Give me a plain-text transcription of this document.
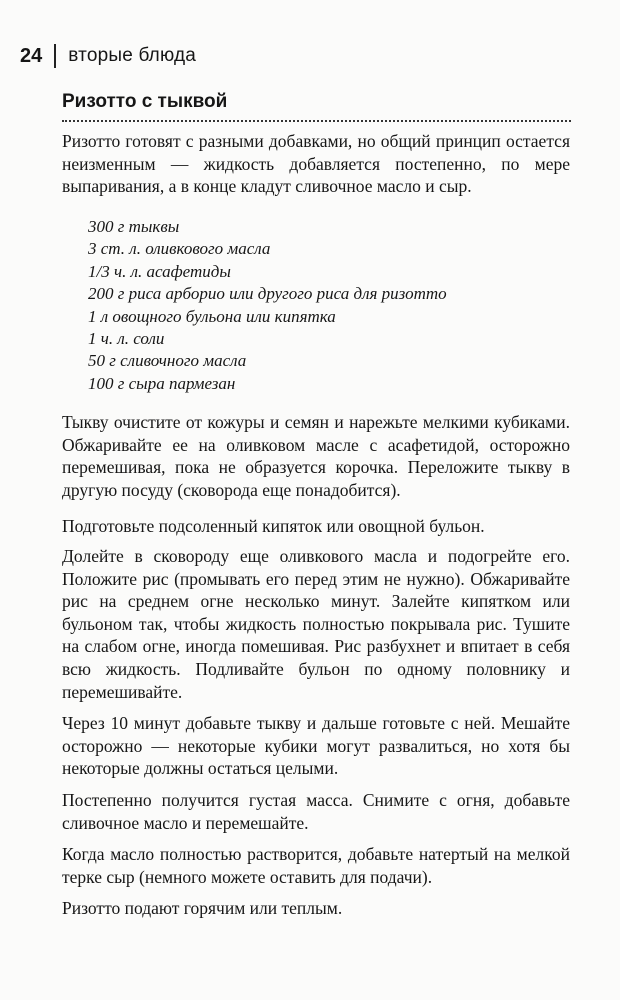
24 вторые блюда
Ризотто с тыквой

Ризотто готовят с разными добавками, но общий принцип остается неизменным — жидкость добавляется постепенно, по мере выпаривания, а в конце кладут сливочное масло и сыр.

300 г тыквы
3 ст. л. оливкового масла
1/3 ч. л. асафетиды
200 г риса арборио или другого риса для ризотто
1 л овощного бульона или кипятка
1 ч. л. соли
50 г сливочного масла
100 г сыра пармезан

Тыкву очистите от кожуры и семян и нарежьте мелкими кубиками. Обжаривайте ее на оливковом масле с асафетидой, осторожно перемешивая, пока не образуется корочка. Переложите тыкву в другую посуду (сковорода еще понадобится).

Подготовьте подсоленный кипяток или овощной бульон.

Долейте в сковороду еще оливкового масла и подогрейте его. Положите рис (промывать его перед этим не нужно). Обжаривайте рис на среднем огне несколько минут. Залейте кипятком или бульоном так, чтобы жидкость полностью покрывала рис. Тушите на слабом огне, иногда помешивая. Рис разбухнет и впитает в себя всю жидкость. Подливайте бульон по одному половнику и перемешивайте.

Через 10 минут добавьте тыкву и дальше готовьте с ней. Мешайте осторожно — некоторые кубики могут развалиться, но хотя бы некоторые должны остаться целыми.

Постепенно получится густая масса. Снимите с огня, добавьте сливочное масло и перемешайте.

Когда масло полностью растворится, добавьте натертый на мелкой терке сыр (немного можете оставить для подачи).

Ризотто подают горячим или теплым.
